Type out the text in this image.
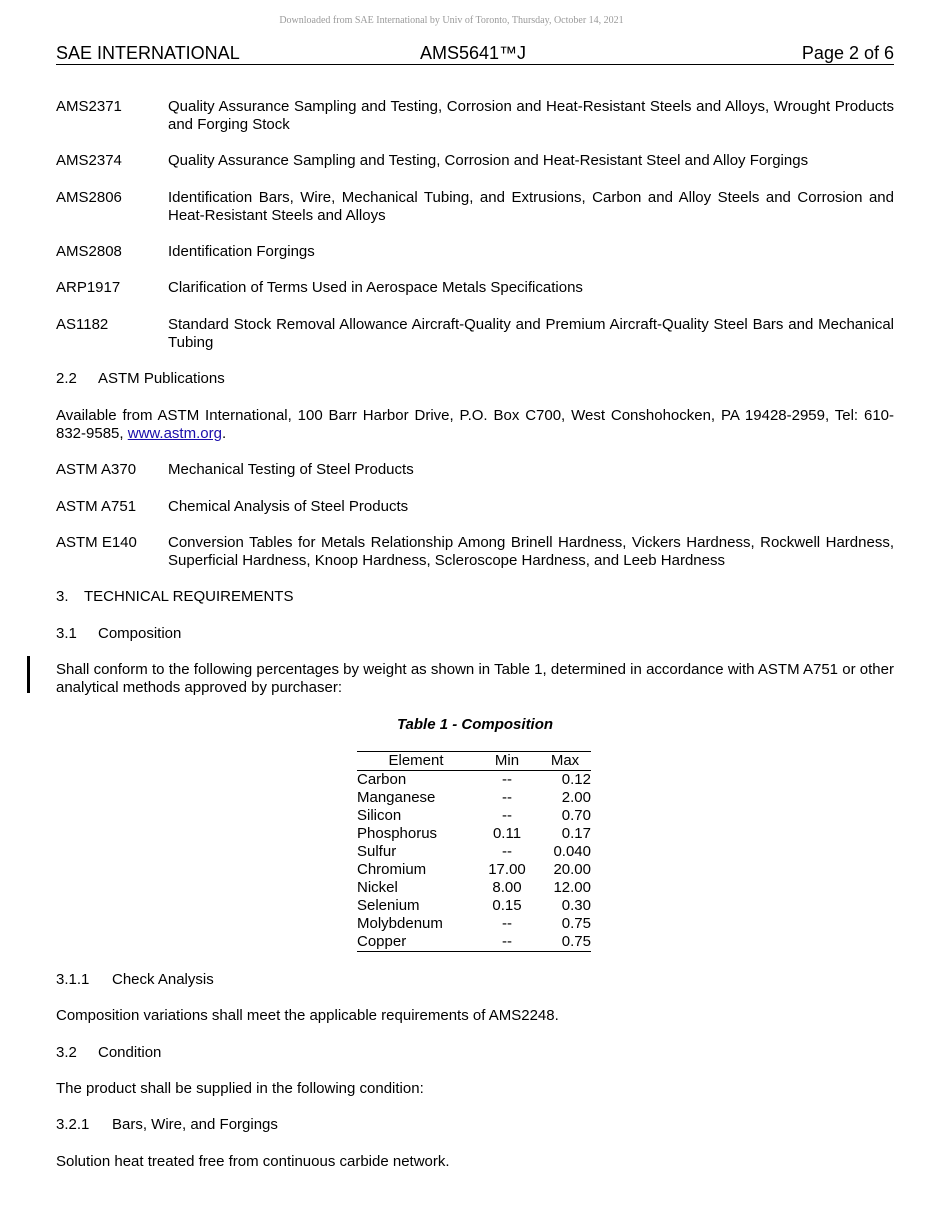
Downloaded from SAE International by Univ of Toronto, Thursday, October 14, 2021
SAE INTERNATIONAL	AMS5641™J	Page 2 of 6
AMS2371	Quality Assurance Sampling and Testing, Corrosion and Heat-Resistant Steels and Alloys, Wrought Products and Forging Stock
AMS2374	Quality Assurance Sampling and Testing, Corrosion and Heat-Resistant Steel and Alloy Forgings
AMS2806	Identification Bars, Wire, Mechanical Tubing, and Extrusions, Carbon and Alloy Steels and Corrosion and Heat-Resistant Steels and Alloys
AMS2808	Identification Forgings
ARP1917	Clarification of Terms Used in Aerospace Metals Specifications
AS1182	Standard Stock Removal Allowance Aircraft-Quality and Premium Aircraft-Quality Steel Bars and Mechanical Tubing
2.2 ASTM Publications
Available from ASTM International, 100 Barr Harbor Drive, P.O. Box C700, West Conshohocken, PA 19428-2959, Tel: 610-832-9585, www.astm.org.
ASTM A370 Mechanical Testing of Steel Products
ASTM A751 Chemical Analysis of Steel Products
ASTM E140 Conversion Tables for Metals Relationship Among Brinell Hardness, Vickers Hardness, Rockwell Hardness, Superficial Hardness, Knoop Hardness, Scleroscope Hardness, and Leeb Hardness
3. TECHNICAL REQUIREMENTS
3.1 Composition
Shall conform to the following percentages by weight as shown in Table 1, determined in accordance with ASTM A751 or other analytical methods approved by purchaser:
Table 1 - Composition
Element	Min	Max
Carbon	--	0.12
Manganese	--	2.00
Silicon	--	0.70
Phosphorus	0.11	0.17
Sulfur	--	0.040
Chromium	17.00	20.00
Nickel	8.00	12.00
Selenium	0.15	0.30
Molybdenum	--	0.75
Copper	--	0.75
3.1.1 Check Analysis
Composition variations shall meet the applicable requirements of AMS2248.
3.2 Condition
The product shall be supplied in the following condition:
3.2.1 Bars, Wire, and Forgings
Solution heat treated free from continuous carbide network.
